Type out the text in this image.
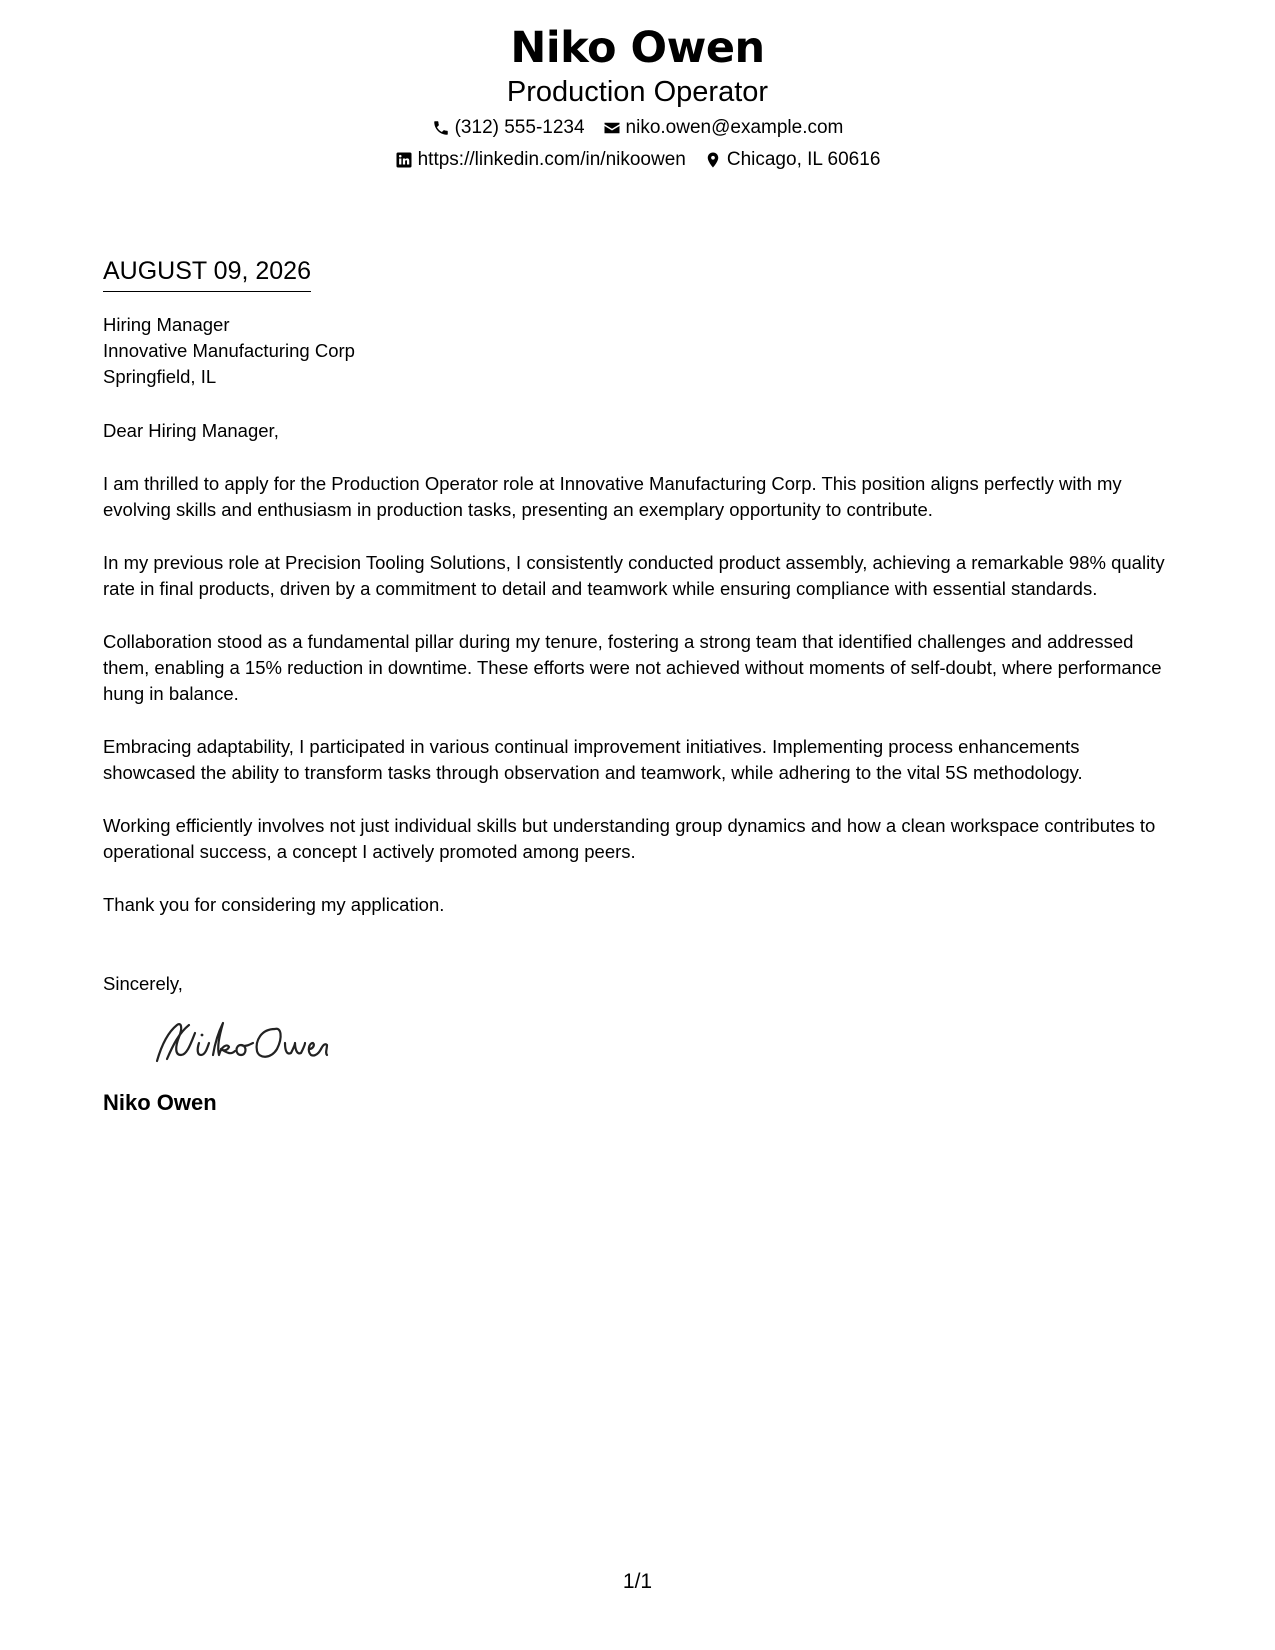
Niko Owen
Production Operator
(312) 555-1234 niko.owen@example.com
https://linkedin.com/in/nikoowen Chicago, IL 60616
AUGUST 09, 2026
Hiring Manager
Innovative Manufacturing Corp
Springfield, IL

Dear Hiring Manager,

I am thrilled to apply for the Production Operator role at Innovative Manufacturing Corp. This position aligns perfectly with my evolving skills and enthusiasm in production tasks, presenting an exemplary opportunity to contribute.

In my previous role at Precision Tooling Solutions, I consistently conducted product assembly, achieving a remarkable 98% quality rate in final products, driven by a commitment to detail and teamwork while ensuring compliance with essential standards.

Collaboration stood as a fundamental pillar during my tenure, fostering a strong team that identified challenges and addressed them, enabling a 15% reduction in downtime. These efforts were not achieved without moments of self-doubt, where performance hung in balance.

Embracing adaptability, I participated in various continual improvement initiatives. Implementing process enhancements showcased the ability to transform tasks through observation and teamwork, while adhering to the vital 5S methodology.

Working efficiently involves not just individual skills but understanding group dynamics and how a clean workspace contributes to operational success, a concept I actively promoted among peers.

Thank you for considering my application.

Sincerely,

Niko Owen
1/1
